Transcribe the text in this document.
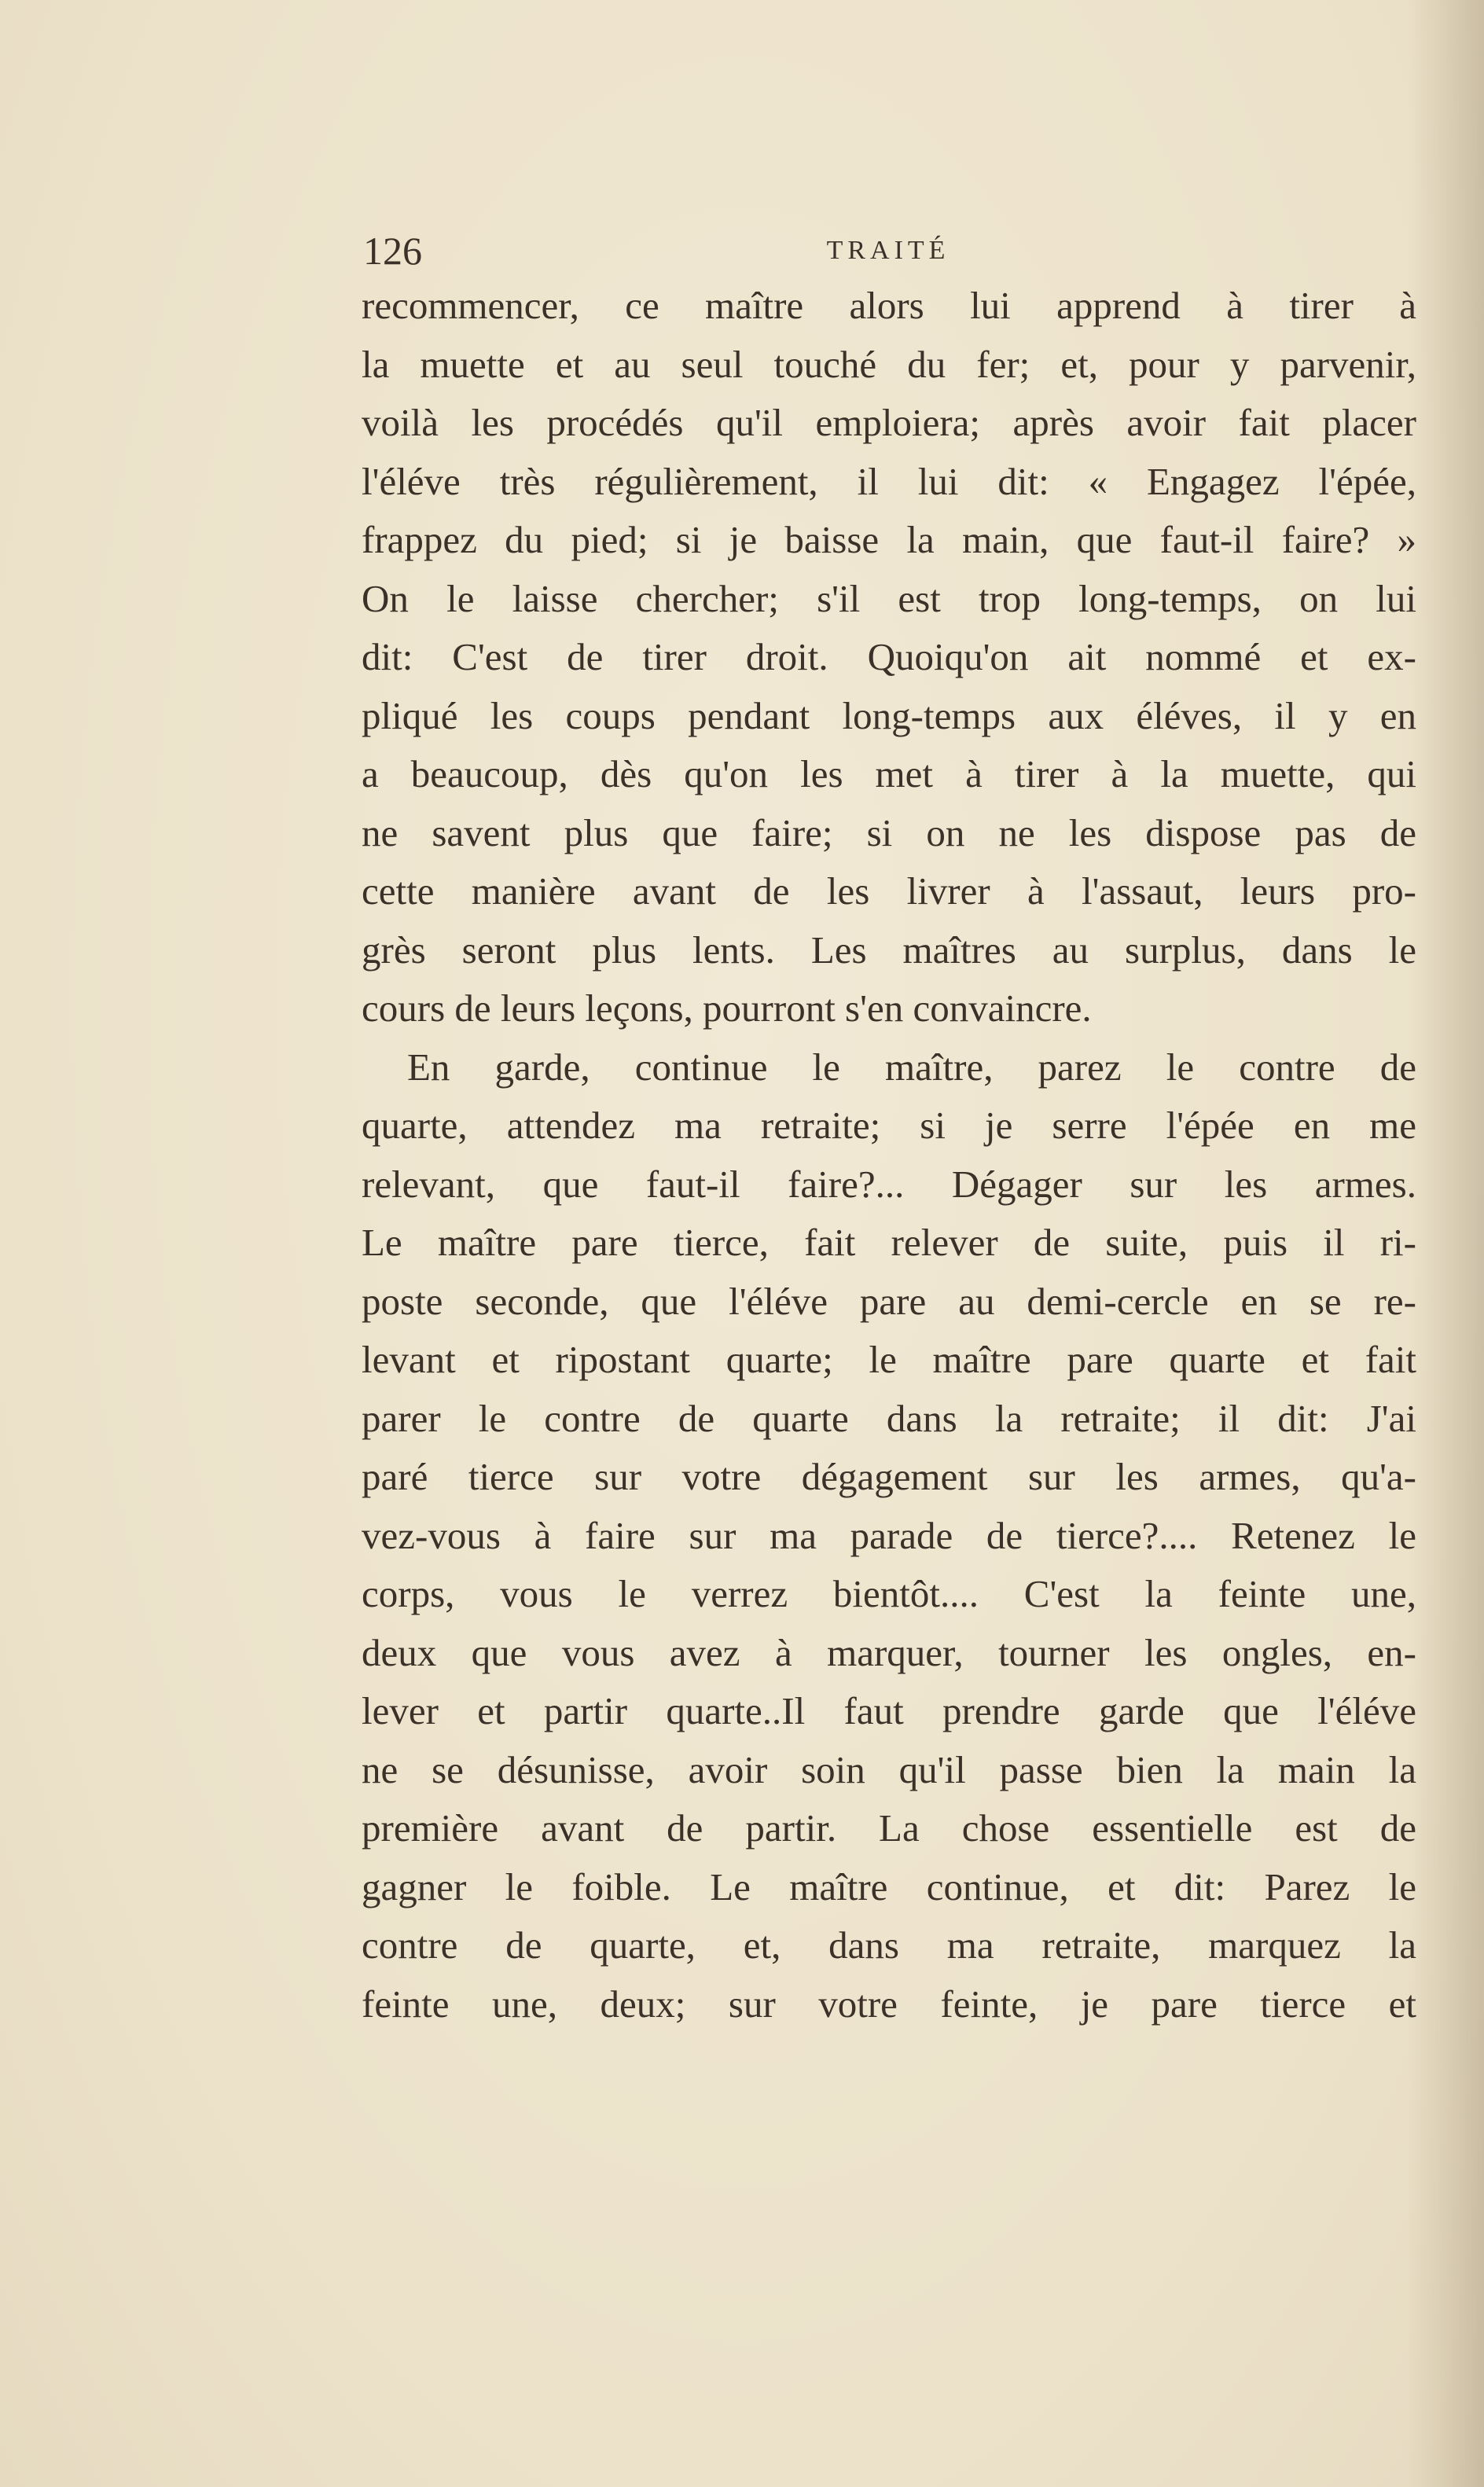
126	TRAITÉ
recommencer, ce maître alors lui apprend à tirer à
la muette et au seul touché du fer; et, pour y parvenir,
voilà les procédés qu'il emploiera; après avoir fait placer
l'éléve très régulièrement, il lui dit: « Engagez l'épée,
frappez du pied; si je baisse la main, que faut-il faire? »
On le laisse chercher; s'il est trop long-temps, on lui
dit: C'est de tirer droit. Quoiqu'on ait nommé et ex-
pliqué les coups pendant long-temps aux éléves, il y en
a beaucoup, dès qu'on les met à tirer à la muette, qui
ne savent plus que faire; si on ne les dispose pas de
cette manière avant de les livrer à l'assaut, leurs pro-
grès seront plus lents. Les maîtres au surplus, dans le
cours de leurs leçons, pourront s'en convaincre.
En garde, continue le maître, parez le contre de
quarte, attendez ma retraite; si je serre l'épée en me
relevant, que faut-il faire?... Dégager sur les armes.
Le maître pare tierce, fait relever de suite, puis il ri-
poste seconde, que l'éléve pare au demi-cercle en se re-
levant et ripostant quarte; le maître pare quarte et fait
parer le contre de quarte dans la retraite; il dit: J'ai
paré tierce sur votre dégagement sur les armes, qu'a-
vez-vous à faire sur ma parade de tierce?.... Retenez le
corps, vous le verrez bientôt.... C'est la feinte une,
deux que vous avez à marquer, tourner les ongles, en-
lever et partir quarte..Il faut prendre garde que l'éléve
ne se désunisse, avoir soin qu'il passe bien la main la
première avant de partir. La chose essentielle est de
gagner le foible. Le maître continue, et dit: Parez le
contre de quarte, et, dans ma retraite, marquez la
feinte une, deux; sur votre feinte, je pare tierce et
